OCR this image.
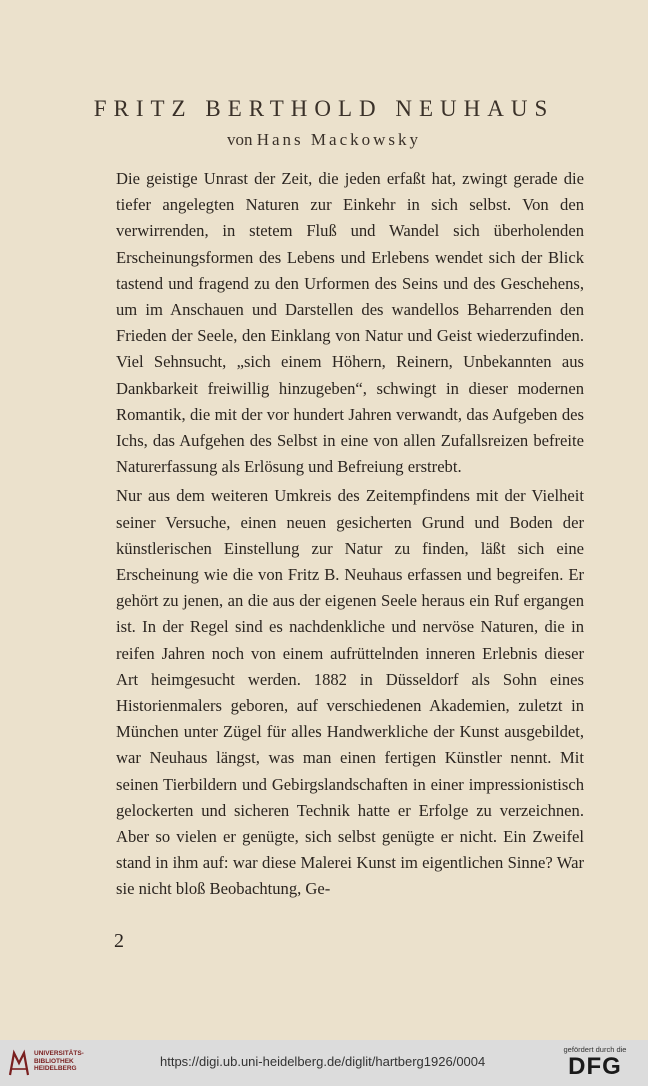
FRITZ BERTHOLD NEUHAUS
von Hans Mackowsky

Die geistige Unrast der Zeit, die jeden erfaßt hat, zwingt gerade die tiefer angelegten Naturen zur Einkehr in sich selbst. Von den verwirrenden, in stetem Fluß und Wandel sich überholenden Erscheinungsformen des Lebens und Erlebens wendet sich der Blick tastend und fragend zu den Urformen des Seins und des Geschehens, um im Anschauen und Darstellen des wandellos Beharrenden den Frieden der Seele, den Einklang von Natur und Geist wiederzufinden. Viel Sehnsucht, „sich einem Höhern, Reinern, Unbekannten aus Dankbarkeit freiwillig hinzugeben“, schwingt in dieser modernen Romantik, die mit der vor hundert Jahren verwandt, das Aufgeben des Ichs, das Aufgehen des Selbst in eine von allen Zufallsreizen befreite Naturerfassung als Erlösung und Befreiung erstrebt.

Nur aus dem weiteren Umkreis des Zeitempfindens mit der Vielheit seiner Versuche, einen neuen gesicherten Grund und Boden der künstlerischen Einstellung zur Natur zu finden, läßt sich eine Erscheinung wie die von Fritz B. Neuhaus erfassen und begreifen. Er gehört zu jenen, an die aus der eigenen Seele heraus ein Ruf ergangen ist. In der Regel sind es nachdenkliche und nervöse Naturen, die in reifen Jahren noch von einem aufrüttelnden inneren Erlebnis dieser Art heimgesucht werden. 1882 in Düsseldorf als Sohn eines Historienmalers geboren, auf verschiedenen Akademien, zuletzt in München unter Zügel für alles Handwerkliche der Kunst ausgebildet, war Neuhaus längst, was man einen fertigen Künstler nennt. Mit seinen Tierbildern und Gebirgslandschaften in einer impressionistisch gelockerten und sicheren Technik hatte er Erfolge zu verzeichnen. Aber so vielen er genügte, sich selbst genügte er nicht. Ein Zweifel stand in ihm auf: war diese Malerei Kunst im eigentlichen Sinne? War sie nicht bloß Beobachtung, Ge-

2
UNIVERSITÄTS-
BIBLIOTHEK
HEIDELBERG	https://digi.ub.uni-heidelberg.de/diglit/hartberg1926/0004
gefördert durch die
DFG
